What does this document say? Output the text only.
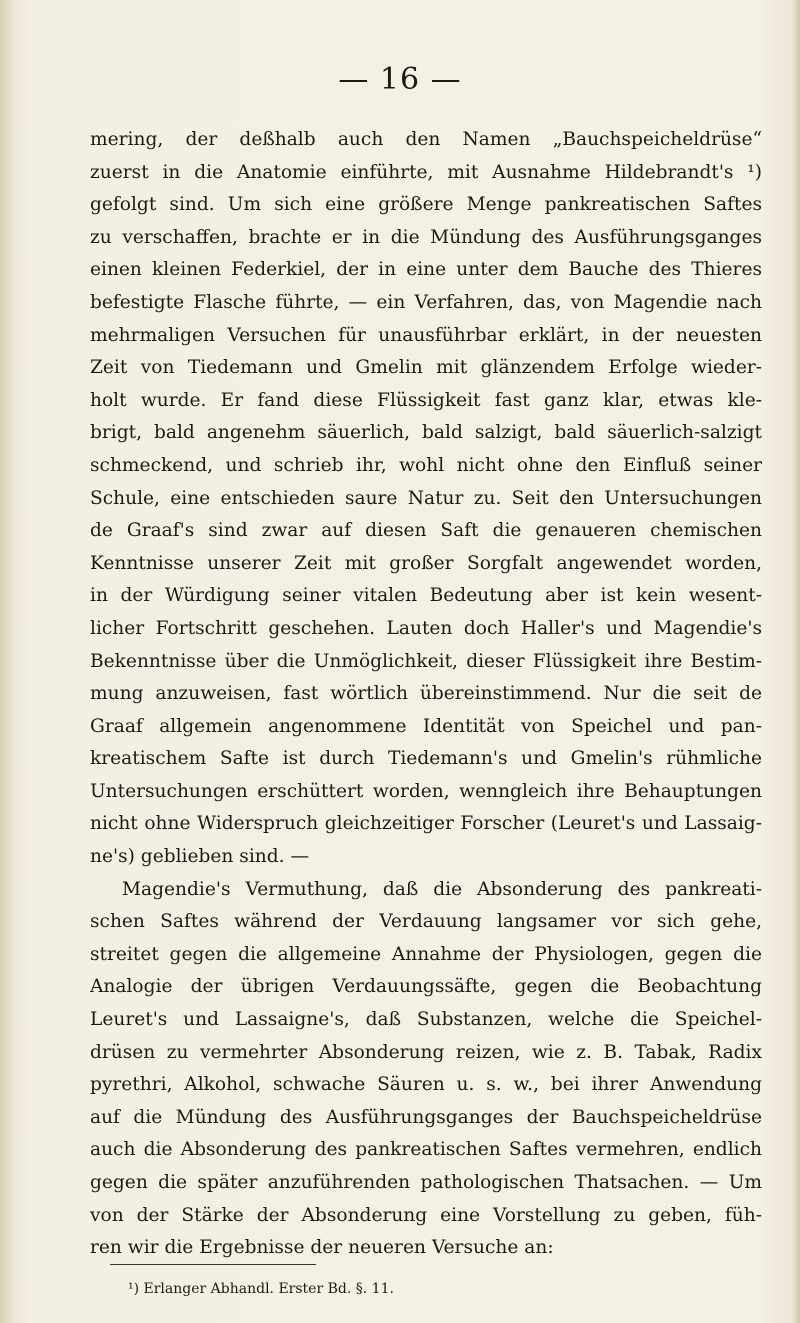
— 16 —
mering, der deßhalb auch den Namen „Bauchspeicheldrüse“
zuerst in die Anatomie einführte, mit Ausnahme Hildebrandt's ¹)
gefolgt sind. Um sich eine größere Menge pankreatischen Saftes
zu verschaffen, brachte er in die Mündung des Ausführungsganges
einen kleinen Federkiel, der in eine unter dem Bauche des Thieres
befestigte Flasche führte, — ein Verfahren, das, von Magendie nach
mehrmaligen Versuchen für unausführbar erklärt, in der neuesten
Zeit von Tiedemann und Gmelin mit glänzendem Erfolge wieder-
holt wurde. Er fand diese Flüssigkeit fast ganz klar, etwas kle-
brigt, bald angenehm säuerlich, bald salzigt, bald säuerlich-salzigt
schmeckend, und schrieb ihr, wohl nicht ohne den Einfluß seiner
Schule, eine entschieden saure Natur zu. Seit den Untersuchungen
de Graaf's sind zwar auf diesen Saft die genaueren chemischen
Kenntnisse unserer Zeit mit großer Sorgfalt angewendet worden,
in der Würdigung seiner vitalen Bedeutung aber ist kein wesent-
licher Fortschritt geschehen. Lauten doch Haller's und Magendie's
Bekenntnisse über die Unmöglichkeit, dieser Flüssigkeit ihre Bestim-
mung anzuweisen, fast wörtlich übereinstimmend. Nur die seit de
Graaf allgemein angenommene Identität von Speichel und pan-
kreatischem Safte ist durch Tiedemann's und Gmelin's rühmliche
Untersuchungen erschüttert worden, wenngleich ihre Behauptungen
nicht ohne Widerspruch gleichzeitiger Forscher (Leuret's und Lassaig-
ne's) geblieben sind. —
Magendie's Vermuthung, daß die Absonderung des pankreati-
schen Saftes während der Verdauung langsamer vor sich gehe,
streitet gegen die allgemeine Annahme der Physiologen, gegen die
Analogie der übrigen Verdauungssäfte, gegen die Beobachtung
Leuret's und Lassaigne's, daß Substanzen, welche die Speichel-
drüsen zu vermehrter Absonderung reizen, wie z. B. Tabak, Radix
pyrethri, Alkohol, schwache Säuren u. s. w., bei ihrer Anwendung
auf die Mündung des Ausführungsganges der Bauchspeicheldrüse
auch die Absonderung des pankreatischen Saftes vermehren, endlich
gegen die später anzuführenden pathologischen Thatsachen. — Um
von der Stärke der Absonderung eine Vorstellung zu geben, füh-
ren wir die Ergebnisse der neueren Versuche an:
¹) Erlanger Abhandl. Erster Bd. §. 11.
